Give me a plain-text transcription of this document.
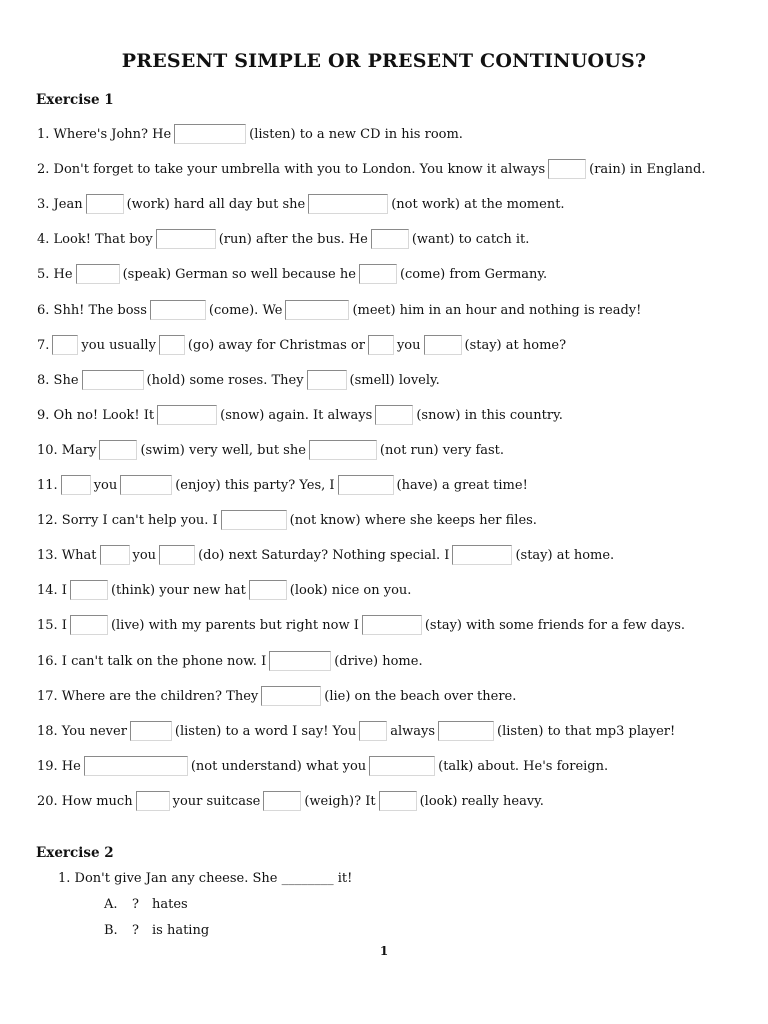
PRESENT SIMPLE OR PRESENT CONTINUOUS?
Exercise 1
1. Where's John? He	(listen) to a new CD in his room.
2. Don't forget to take your umbrella with you to London. You know it always	(rain) in England.
3. Jean	(work) hard all day but she	(not work) at the moment.
4. Look! That boy	(run) after the bus. He	(want) to catch it.
5. He	(speak) German so well because he	(come) from Germany.
6. Shh! The boss	(come). We	(meet) him in an hour and nothing is ready!
7. you usually (go) away for Christmas or you	(stay) at home?
8. She	(hold) some roses. They	(smell) lovely.
9. Oh no! Look! It	(snow) again. It always	(snow) in this country.
10. Mary	(swim) very well, but she	(not run) very fast.
11.	you	(enjoy) this party? Yes, I	(have) a great time!
12. Sorry I can't help you. I	(not know) where she keeps her files.
13. What	you	(do) next Saturday? Nothing special. I	(stay) at home.
14. I	(think) your new hat	(look) nice on you.
15. I	(live) with my parents but right now I	(stay) with some friends for a few days.
16. I can't talk on the phone now. I	(drive) home.
17. Where are the children? They	(lie) on the beach over there.
18. You never	(listen) to a word I say! You	always	(listen) to that mp3 player!
19. He	(not understand) what you	(talk) about. He's foreign.
20. How much	your suitcase	(weigh)? It	(look) really heavy.
Exercise 2
1. Don't give Jan any cheese. She ________ it!
A. ? hates
B. ? is hating
1
